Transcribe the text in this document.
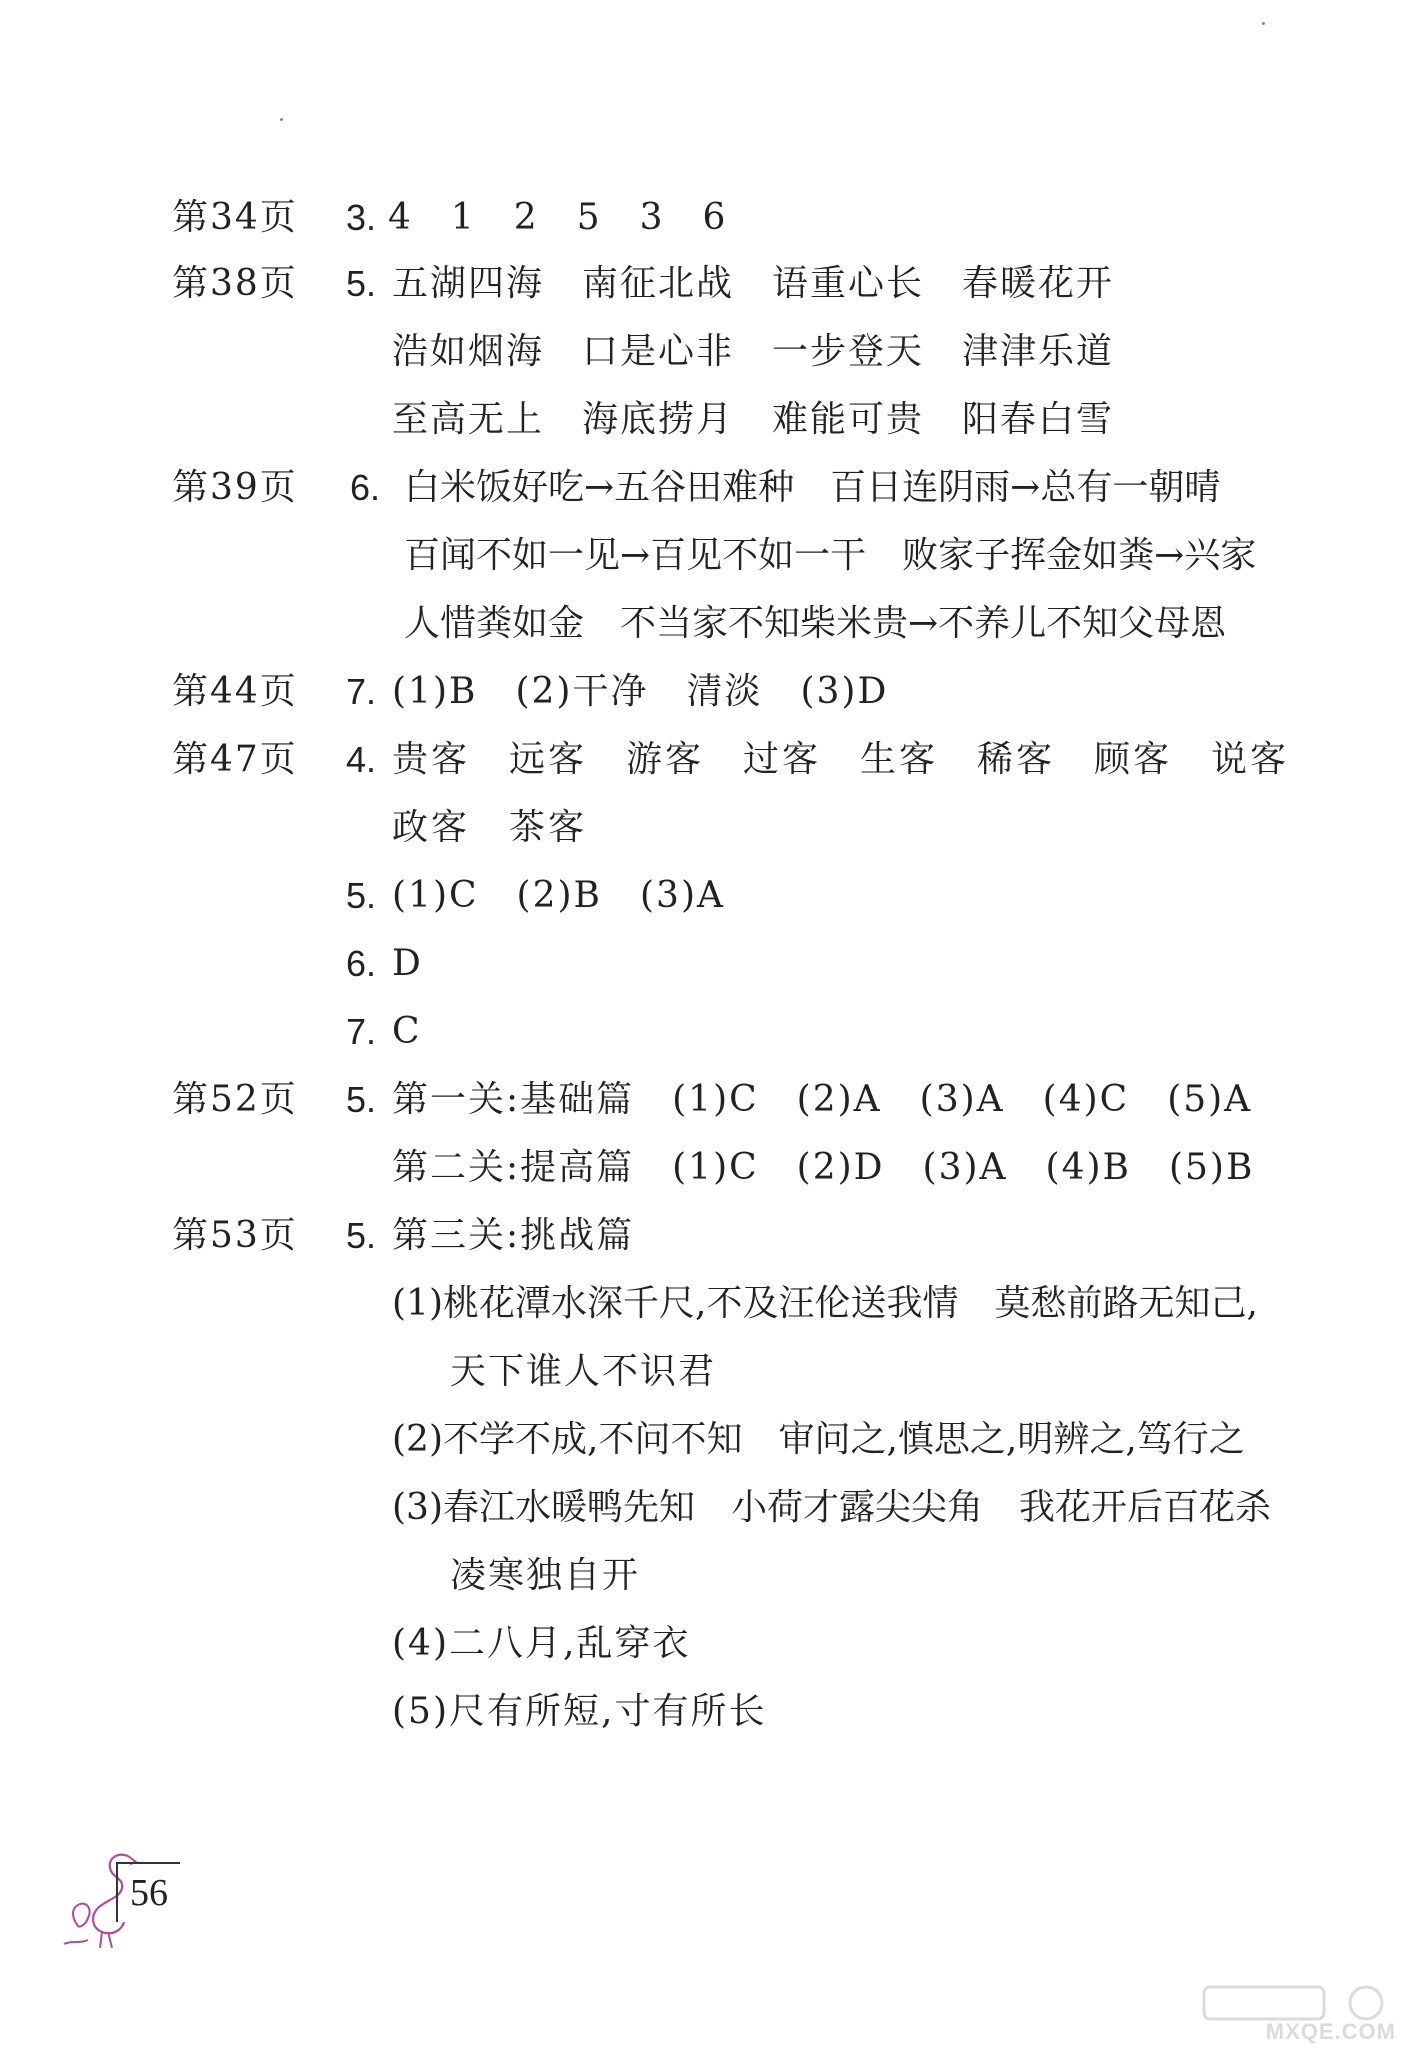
第34页 3. 4　1　2　5　3　6
第38页 5. 五湖四海　南征北战　语重心长　春暖花开
浩如烟海　口是心非　一步登天　津津乐道
至高无上　海底捞月　难能可贵　阳春白雪
第39页 6. 白米饭好吃→五谷田难种　百日连阴雨→总有一朝晴
百闻不如一见→百见不如一干　败家子挥金如粪→兴家
人惜粪如金　不当家不知柴米贵→不养儿不知父母恩
第44页 7. (1)B　(2)干净　清淡　(3)D
第47页 4. 贵客　远客　游客　过客　生客　稀客　顾客　说客
政客　茶客
5. (1)C　(2)B　(3)A
6. D
7. C
第52页 5. 第一关:基础篇　(1)C　(2)A　(3)A　(4)C　(5)A
第二关:提高篇　(1)C　(2)D　(3)A　(4)B　(5)B
第53页 5. 第三关:挑战篇
(1)桃花潭水深千尺,不及汪伦送我情　莫愁前路无知己,
天下谁人不识君
(2)不学不成,不问不知　审问之,慎思之,明辨之,笃行之
(3)春江水暖鸭先知　小荷才露尖尖角　我花开后百花杀
凌寒独自开
(4)二八月,乱穿衣
(5)尺有所短,寸有所长
56
MXQE.COM
